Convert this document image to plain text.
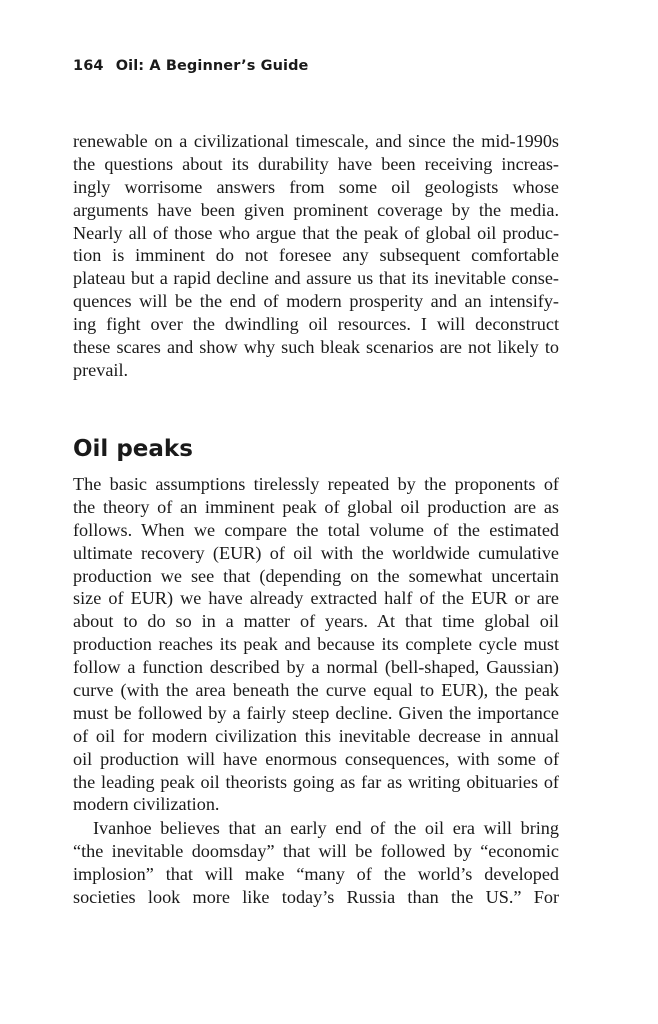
164 Oil: A Beginner’s Guide
renewable on a civilizational timescale, and since the mid-1990s
the questions about its durability have been receiving increas-
ingly worrisome answers from some oil geologists whose
arguments have been given prominent coverage by the media.
Nearly all of those who argue that the peak of global oil produc-
tion is imminent do not foresee any subsequent comfortable
plateau but a rapid decline and assure us that its inevitable conse-
quences will be the end of modern prosperity and an intensify-
ing fight over the dwindling oil resources. I will deconstruct
these scares and show why such bleak scenarios are not likely to
prevail.
Oil peaks
The basic assumptions tirelessly repeated by the proponents of
the theory of an imminent peak of global oil production are as
follows. When we compare the total volume of the estimated
ultimate recovery (EUR) of oil with the worldwide cumulative
production we see that (depending on the somewhat uncertain
size of EUR) we have already extracted half of the EUR or are
about to do so in a matter of years. At that time global oil
production reaches its peak and because its complete cycle must
follow a function described by a normal (bell-shaped, Gaussian)
curve (with the area beneath the curve equal to EUR), the peak
must be followed by a fairly steep decline. Given the importance
of oil for modern civilization this inevitable decrease in annual
oil production will have enormous consequences, with some of
the leading peak oil theorists going as far as writing obituaries of
modern civilization.
Ivanhoe believes that an early end of the oil era will bring
“the inevitable doomsday” that will be followed by “economic
implosion” that will make “many of the world’s developed
societies look more like today’s Russia than the US.” For
